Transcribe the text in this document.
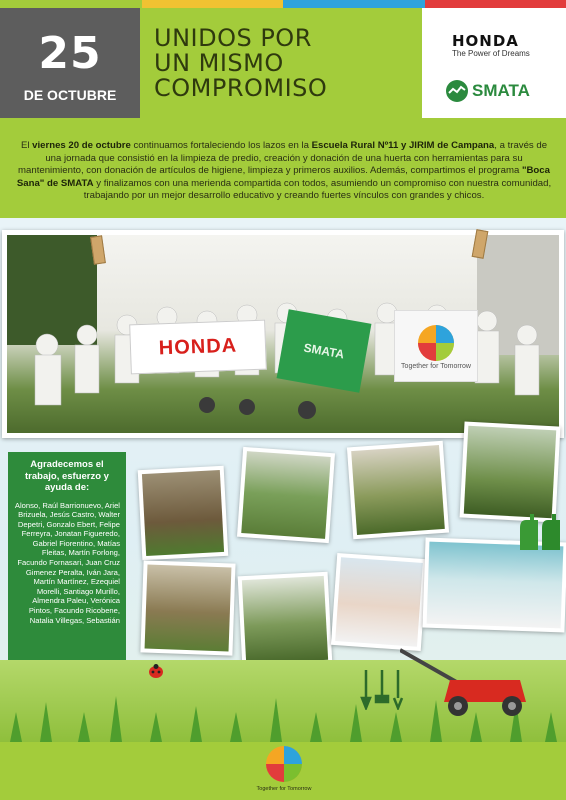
25
DE OCTUBRE
UNIDOS POR
UN MISMO
COMPROMISO
HONDA
The Power of Dreams
SMATA

El viernes 20 de octubre continuamos fortaleciendo los lazos en la Escuela Rural Nº11 y JIRIM de Campana, a través de una jornada que consistió en la limpieza de predio, creación y donación de una huerta con herramientas para su mantenimiento, con donación de artículos de higiene, limpieza y primeros auxilios. Además, compartimos el programa "Boca Sana" de SMATA y finalizamos con una merienda compartida con todos, asumiendo un compromiso con nuestra comunidad, trabajando por un mejor desarrollo educativo y creando fuertes vínculos con grandes y chicos.

HONDA	SMATA
Together for Tomorrow
Agradecemos el trabajo, esfuerzo y ayuda de:
Alonso, Raúl Barrionuevo, Ariel Brizuela, Jesús Castro, Walter Depetri, Gonzalo Ebert, Felipe Ferreyra, Jonatan Figueredo, Gabriel Fiorentino, Matías Fleitas, Martín Forlong, Facundo Fornasari, Juan Cruz Gimenez Peralta, Iván Jara, Martín Martínez, Ezequiel Morelli, Santiago Murillo, Almendra Paleu, Verónica Pintos, Facundo Ricobene, Natalia Villegas, Sebastián
Together for Tomorrow
